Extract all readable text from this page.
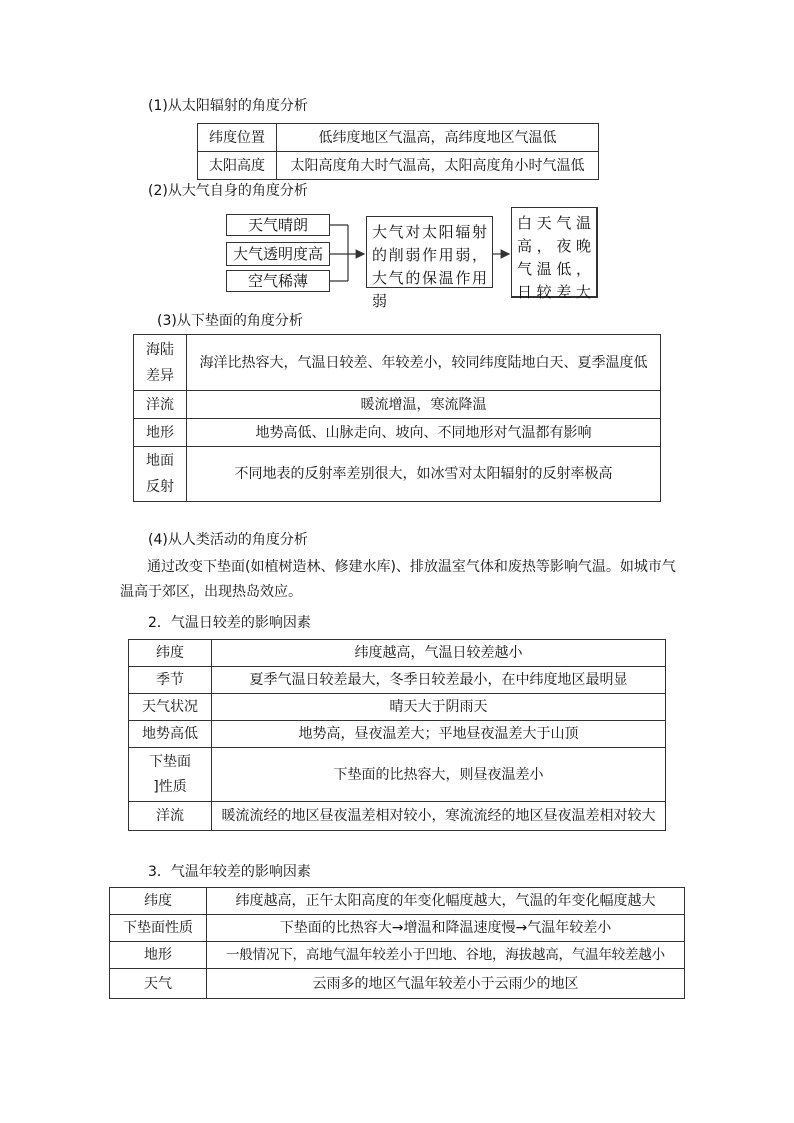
(1)从太阳辐射的角度分析
纬度位置	低纬度地区气温高，高纬度地区气温低
太阳高度	太阳高度角大时气温高，太阳高度角小时气温低
(2)从大气自身的角度分析
天气晴朗
大气透明度高
空气稀薄
大气对太阳辐射的削弱作用弱，大气的保温作用弱
白天气温高，夜晚气温低，日较差大
(3)从下垫面的角度分析
海陆
差异	海洋比热容大，气温日较差、年较差小，较同纬度陆地白天、夏季温度低
洋流	暖流增温，寒流降温
地形	地势高低、山脉走向、坡向、不同地形对气温都有影响
地面
反射	不同地表的反射率差别很大，如冰雪对太阳辐射的反射率极高
(4)从人类活动的角度分析
通过改变下垫面(如植树造林、修建水库)、排放温室气体和废热等影响气温。如城市气温高于郊区，出现热岛效应。
2．气温日较差的影响因素
纬度	纬度越高，气温日较差越小
季节	夏季气温日较差最大，冬季日较差最小，在中纬度地区最明显
天气状况	晴天大于阴雨天
地势高低	地势高，昼夜温差大；平地昼夜温差大于山顶
下垫面
]性质	下垫面的比热容大，则昼夜温差小
洋流	暖流流经的地区昼夜温差相对较小，寒流流经的地区昼夜温差相对较大
3．气温年较差的影响因素
纬度	纬度越高，正午太阳高度的年变化幅度越大，气温的年变化幅度越大
下垫面性质	下垫面的比热容大→增温和降温速度慢→气温年较差小
地形	一般情况下，高地气温年较差小于凹地、谷地，海拔越高，气温年较差越小
天气	云雨多的地区气温年较差小于云雨少的地区
